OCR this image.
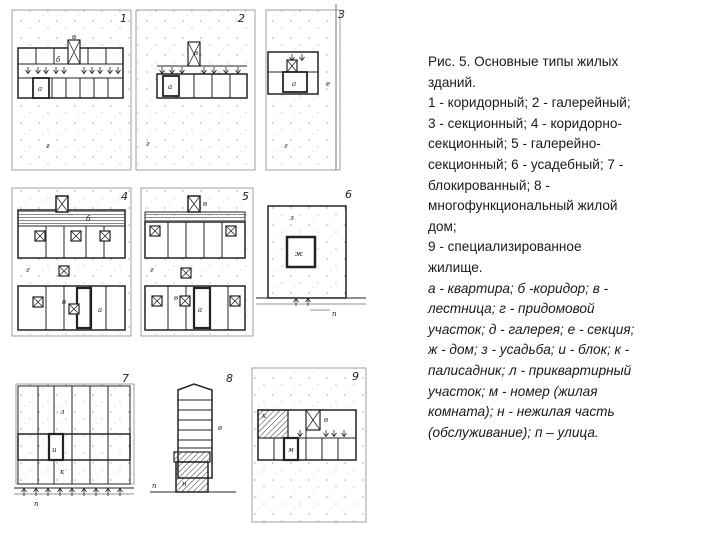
1
в
б
а
г
2
в
а
г
3
а	е
г
4
б
г
в
а
5
в
г
в
а
6
з
ж
п
7
л
и
к
п
8
в
н
п
9
к	в
м

Рис. 5. Основные типы жилых
зданий.

1 - коридорный; 2 - галерейный;
3 - секционный; 4 - коридорно-
секционный; 5 - галерейно-
секционный; 6 - усадебный; 7 -
блокированный; 8 -
многофункциональный жилой
дом;
9 - специализированное
жилище.

а - квартира; б -коридор; в -
лестница; г - придомовой
участок; д - галерея; е - секция;
ж - дом; з - усадьба; и - блок; к -
палисадник; л - приквартирный
участок; м - номер (жилая
комната); н - нежилая часть
(обслуживание); п – улица.
